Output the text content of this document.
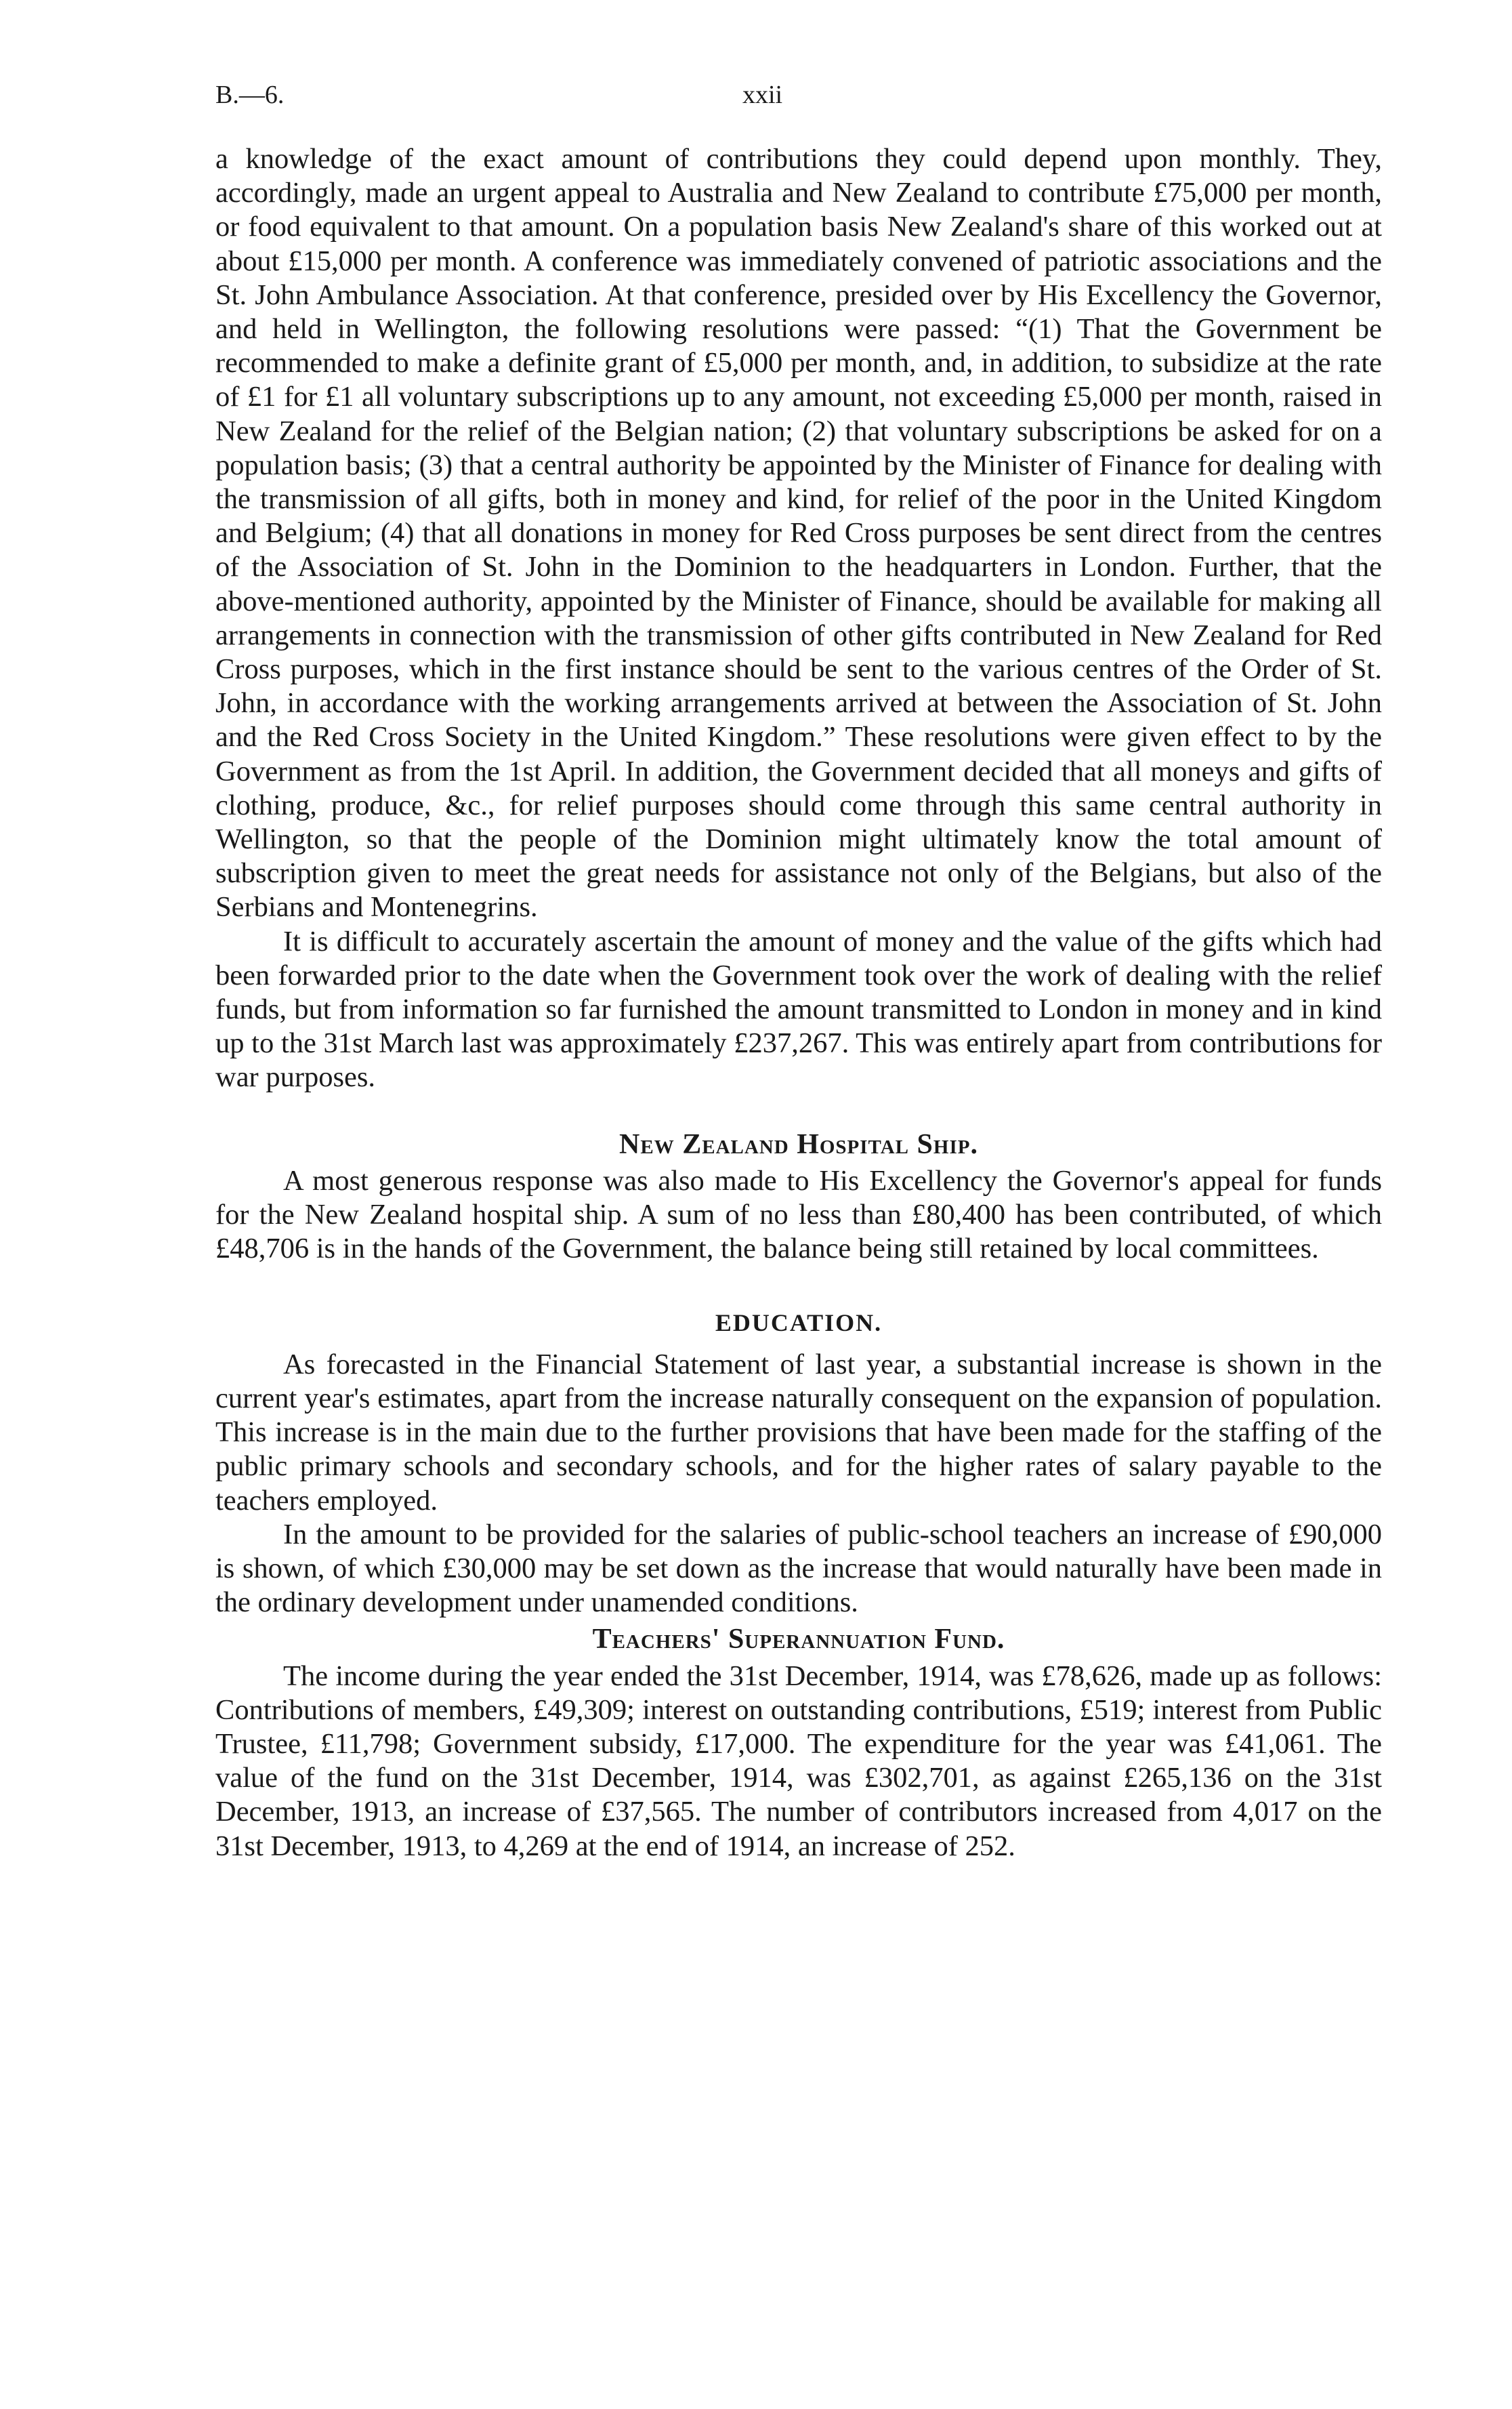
B.—6.	xxii

a knowledge of the exact amount of contributions they could depend upon monthly. They, accordingly, made an urgent appeal to Australia and New Zealand to contribute £75,000 per month, or food equivalent to that amount. On a population basis New Zealand's share of this worked out at about £15,000 per month. A conference was immediately convened of patriotic associations and the St. John Ambulance Association. At that conference, presided over by His Excellency the Governor, and held in Wellington, the following resolutions were passed: “(1) That the Government be recommended to make a definite grant of £5,000 per month, and, in addition, to subsidize at the rate of £1 for £1 all voluntary subscriptions up to any amount, not exceeding £5,000 per month, raised in New Zealand for the relief of the Belgian nation; (2) that voluntary subscriptions be asked for on a population basis; (3) that a central authority be appointed by the Minister of Finance for dealing with the transmission of all gifts, both in money and kind, for relief of the poor in the United Kingdom and Belgium; (4) that all donations in money for Red Cross purposes be sent direct from the centres of the Association of St. John in the Dominion to the headquarters in London. Further, that the above-mentioned authority, appointed by the Minister of Finance, should be available for making all arrangements in connection with the transmission of other gifts contributed in New Zealand for Red Cross purposes, which in the first instance should be sent to the various centres of the Order of St. John, in accordance with the working arrangements arrived at between the Association of St. John and the Red Cross Society in the United Kingdom.” These resolutions were given effect to by the Government as from the 1st April. In addition, the Government decided that all moneys and gifts of clothing, produce, &c., for relief purposes should come through this same central authority in Wellington, so that the people of the Dominion might ultimately know the total amount of subscription given to meet the great needs for assistance not only of the Belgians, but also of the Serbians and Montenegrins.

It is difficult to accurately ascertain the amount of money and the value of the gifts which had been forwarded prior to the date when the Government took over the work of dealing with the relief funds, but from information so far furnished the amount transmitted to London in money and in kind up to the 31st March last was approximately £237,267. This was entirely apart from contributions for war purposes.

New Zealand Hospital Ship.

A most generous response was also made to His Excellency the Governor's appeal for funds for the New Zealand hospital ship. A sum of no less than £80,400 has been contributed, of which £48,706 is in the hands of the Government, the balance being still retained by local committees.

EDUCATION.

As forecasted in the Financial Statement of last year, a substantial increase is shown in the current year's estimates, apart from the increase naturally consequent on the expansion of population. This increase is in the main due to the further provisions that have been made for the staffing of the public primary schools and secondary schools, and for the higher rates of salary payable to the teachers employed.

In the amount to be provided for the salaries of public-school teachers an increase of £90,000 is shown, of which £30,000 may be set down as the increase that would naturally have been made in the ordinary development under unamended conditions.

Teachers' Superannuation Fund.

The income during the year ended the 31st December, 1914, was £78,626, made up as follows: Contributions of members, £49,309; interest on outstanding contributions, £519; interest from Public Trustee, £11,798; Government subsidy, £17,000. The expenditure for the year was £41,061. The value of the fund on the 31st December, 1914, was £302,701, as against £265,136 on the 31st December, 1913, an increase of £37,565. The number of contributors increased from 4,017 on the 31st December, 1913, to 4,269 at the end of 1914, an increase of 252.
